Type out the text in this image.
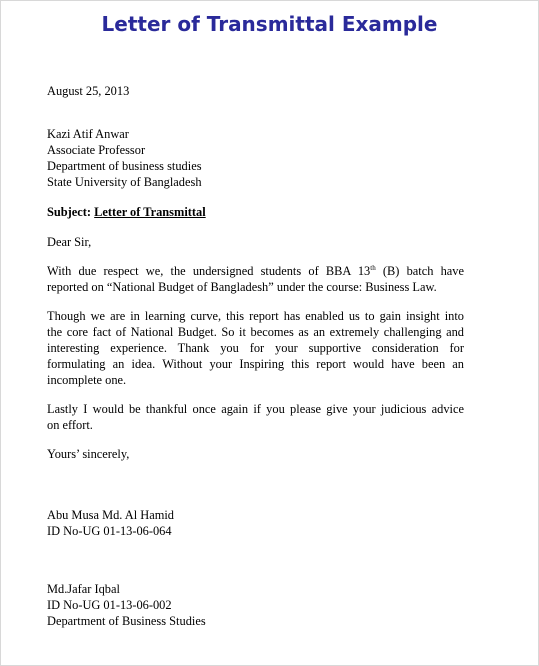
Letter of Transmittal Example
August 25, 2013
Kazi Atif Anwar
Associate Professor
Department of business studies
State University of Bangladesh
Subject: Letter of Transmittal
Dear Sir,
With due respect we, the undersigned students of BBA 13th (B) batch have
reported on “National Budget of Bangladesh” under the course: Business Law.
Though we are in learning curve, this report has enabled us to gain insight into
the core fact of National Budget. So it becomes as an extremely challenging and
interesting experience. Thank you for your supportive consideration for
formulating an idea. Without your Inspiring this report would have been an
incomplete one.
Lastly I would be thankful once again if you please give your judicious advice
on effort.
Yours’ sincerely,
Abu Musa Md. Al Hamid
ID No-UG 01-13-06-064
Md.Jafar Iqbal
ID No-UG 01-13-06-002
Department of Business Studies
